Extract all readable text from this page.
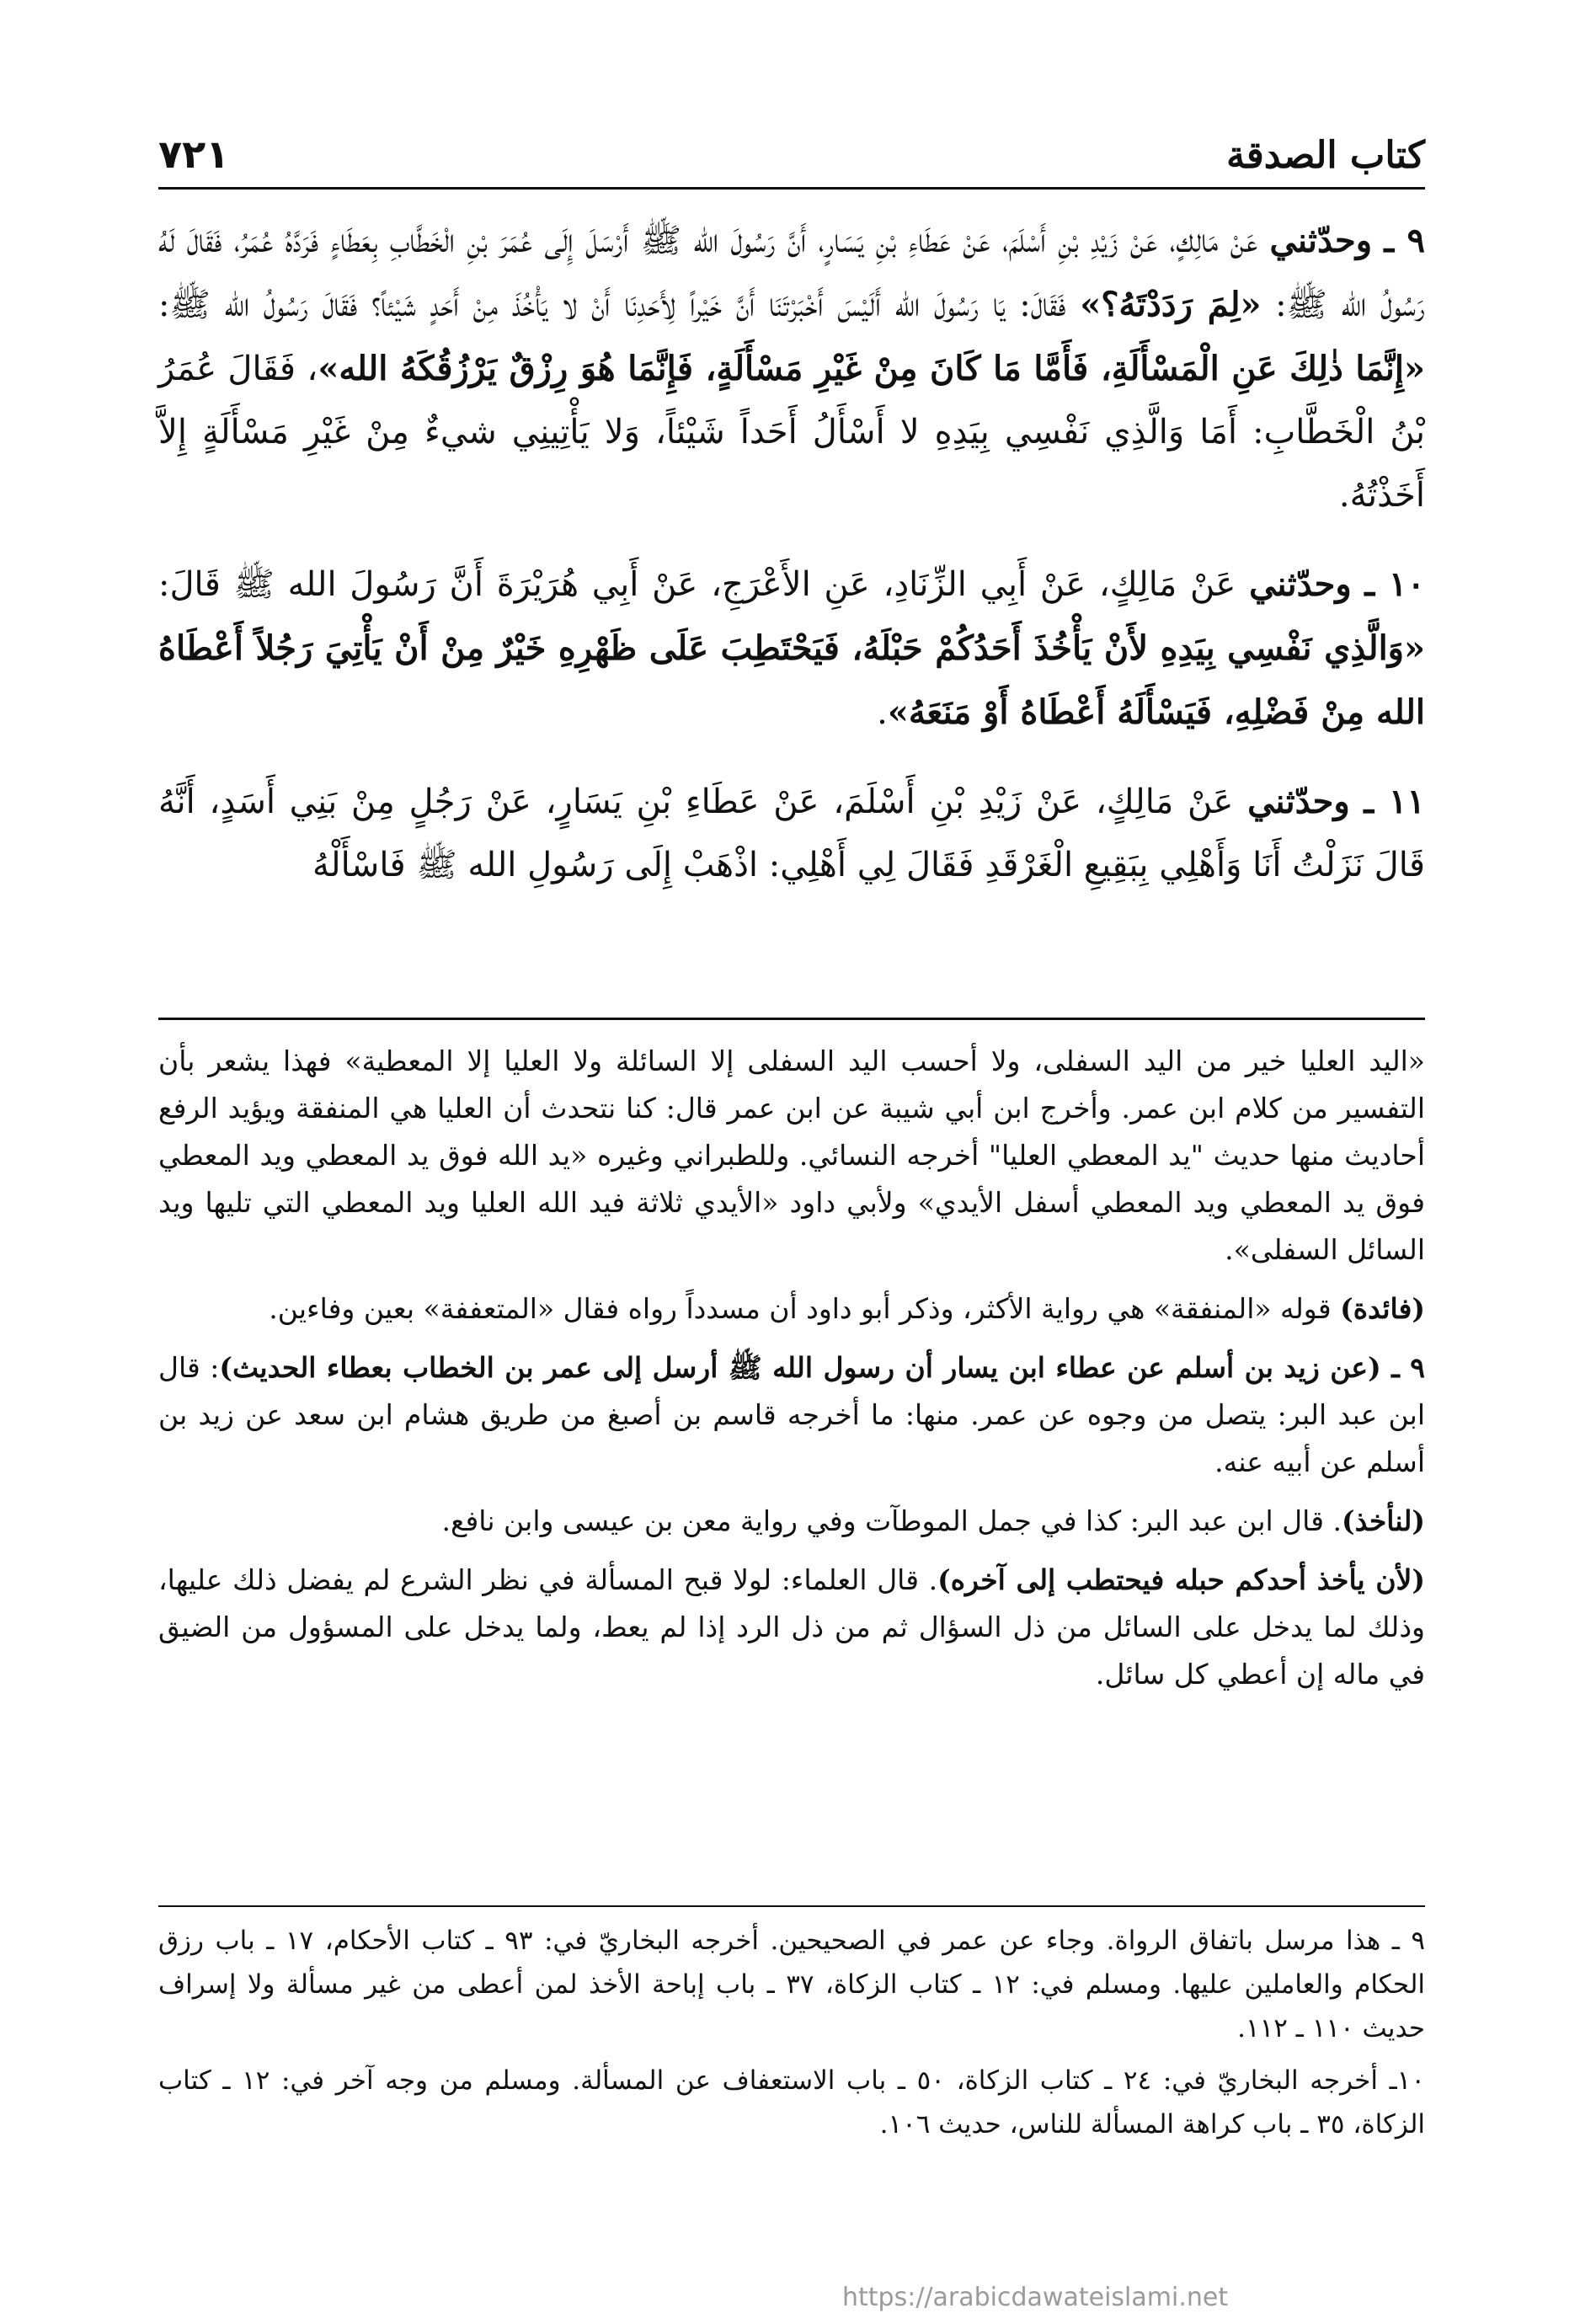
٧٢١	كتاب الصدقة

٩ ـ وحدّثني عَنْ مَالِكٍ، عَنْ زَيْدِ بْنِ أَسْلَمَ، عَنْ عَطَاءِ بْنِ يَسَارٍ، أَنَّ رَسُولَ الله ﷺ أَرْسَلَ إِلَى عُمَرَ بْنِ الْخَطَّابِ بِعَطَاءٍ فَرَدَّهُ عُمَرُ، فَقَالَ لَهُ رَسُولُ الله ﷺ: «لِمَ رَدَدْتَهُ؟» فَقَالَ: يَا رَسُولَ الله أَلَيْسَ أَخْبَرْتَنَا أَنَّ خَيْراً لِأَحَدِنَا أَنْ لا يَأْخُذَ مِنْ أَحَدٍ شَيْئاً؟ فَقَالَ رَسُولُ الله ﷺ: «إِنَّمَا ذٰلِكَ عَنِ الْمَسْأَلَةِ، فَأَمَّا مَا كَانَ مِنْ غَيْرِ مَسْأَلَةٍ، فَإِنَّمَا هُوَ رِزْقٌ يَرْزُقُكَهُ الله»، فَقَالَ عُمَرُ بْنُ الْخَطَّابِ: أَمَا وَالَّذِي نَفْسِي بِيَدِهِ لا أَسْأَلُ أَحَداً شَيْئاً، وَلا يَأْتِينِي شيءٌ مِنْ غَيْرِ مَسْأَلَةٍ إِلاَّ أَخَذْتُهُ.

١٠ ـ وحدّثني عَنْ مَالِكٍ، عَنْ أَبِي الزِّنَادِ، عَنِ الأَعْرَجِ، عَنْ أَبِي هُرَيْرَةَ أَنَّ رَسُولَ الله ﷺ قَالَ: «وَالَّذِي نَفْسِي بِيَدِهِ لأَنْ يَأْخُذَ أَحَدُكُمْ حَبْلَهُ، فَيَحْتَطِبَ عَلَى ظَهْرِهِ خَيْرٌ مِنْ أَنْ يَأْتِيَ رَجُلاً أَعْطَاهُ الله مِنْ فَضْلِهِ، فَيَسْأَلَهُ أَعْطَاهُ أَوْ مَنَعَهُ».

١١ ـ وحدّثني عَنْ مَالِكٍ، عَنْ زَيْدِ بْنِ أَسْلَمَ، عَنْ عَطَاءِ بْنِ يَسَارٍ، عَنْ رَجُلٍ مِنْ بَنِي أَسَدٍ، أَنَّهُ قَالَ نَزَلْتُ أَنَا وَأَهْلِي بِبَقِيعِ الْغَرْقَدِ فَقَالَ لِي أَهْلِي: اذْهَبْ إِلَى رَسُولِ الله ﷺ فَاسْأَلْهُ

«اليد العليا خير من اليد السفلى، ولا أحسب اليد السفلى إلا السائلة ولا العليا إلا المعطية» فهذا يشعر بأن التفسير من كلام ابن عمر. وأخرج ابن أبي شيبة عن ابن عمر قال: كنا نتحدث أن العليا هي المنفقة ويؤيد الرفع أحاديث منها حديث "يد المعطي العليا" أخرجه النسائي. وللطبراني وغيره «يد الله فوق يد المعطي ويد المعطي فوق يد المعطي ويد المعطي أسفل الأيدي» ولأبي داود «الأيدي ثلاثة فيد الله العليا ويد المعطي التي تليها ويد السائل السفلى».

(فائدة) قوله «المنفقة» هي رواية الأكثر، وذكر أبو داود أن مسدداً رواه فقال «المتعففة» بعين وفاءين.

٩ ـ (عن زيد بن أسلم عن عطاء ابن يسار أن رسول الله ﷺ أرسل إلى عمر بن الخطاب بعطاء الحديث): قال ابن عبد البر: يتصل من وجوه عن عمر. منها: ما أخرجه قاسم بن أصبغ من طريق هشام ابن سعد عن زيد بن أسلم عن أبيه عنه.

(لنأخذ). قال ابن عبد البر: كذا في جمل الموطآت وفي رواية معن بن عيسى وابن نافع.

(لأن يأخذ أحدكم حبله فيحتطب إلى آخره). قال العلماء: لولا قبح المسألة في نظر الشرع لم يفضل ذلك عليها، وذلك لما يدخل على السائل من ذل السؤال ثم من ذل الرد إذا لم يعط، ولما يدخل على المسؤول من الضيق في ماله إن أعطي كل سائل.

٩ ـ هذا مرسل باتفاق الرواة. وجاء عن عمر في الصحيحين. أخرجه البخاريّ في: ٩٣ ـ كتاب الأحكام، ١٧ ـ باب رزق الحكام والعاملين عليها. ومسلم في: ١٢ ـ كتاب الزكاة، ٣٧ ـ باب إباحة الأخذ لمن أعطى من غير مسألة ولا إسراف حديث ١١٠ ـ ١١٢.

١٠ـ أخرجه البخاريّ في: ٢٤ ـ كتاب الزكاة، ٥٠ ـ باب الاستعفاف عن المسألة. ومسلم من وجه آخر في: ١٢ ـ كتاب الزكاة، ٣٥ ـ باب كراهة المسألة للناس، حديث ١٠٦.

https://arabicdawateislami.net
